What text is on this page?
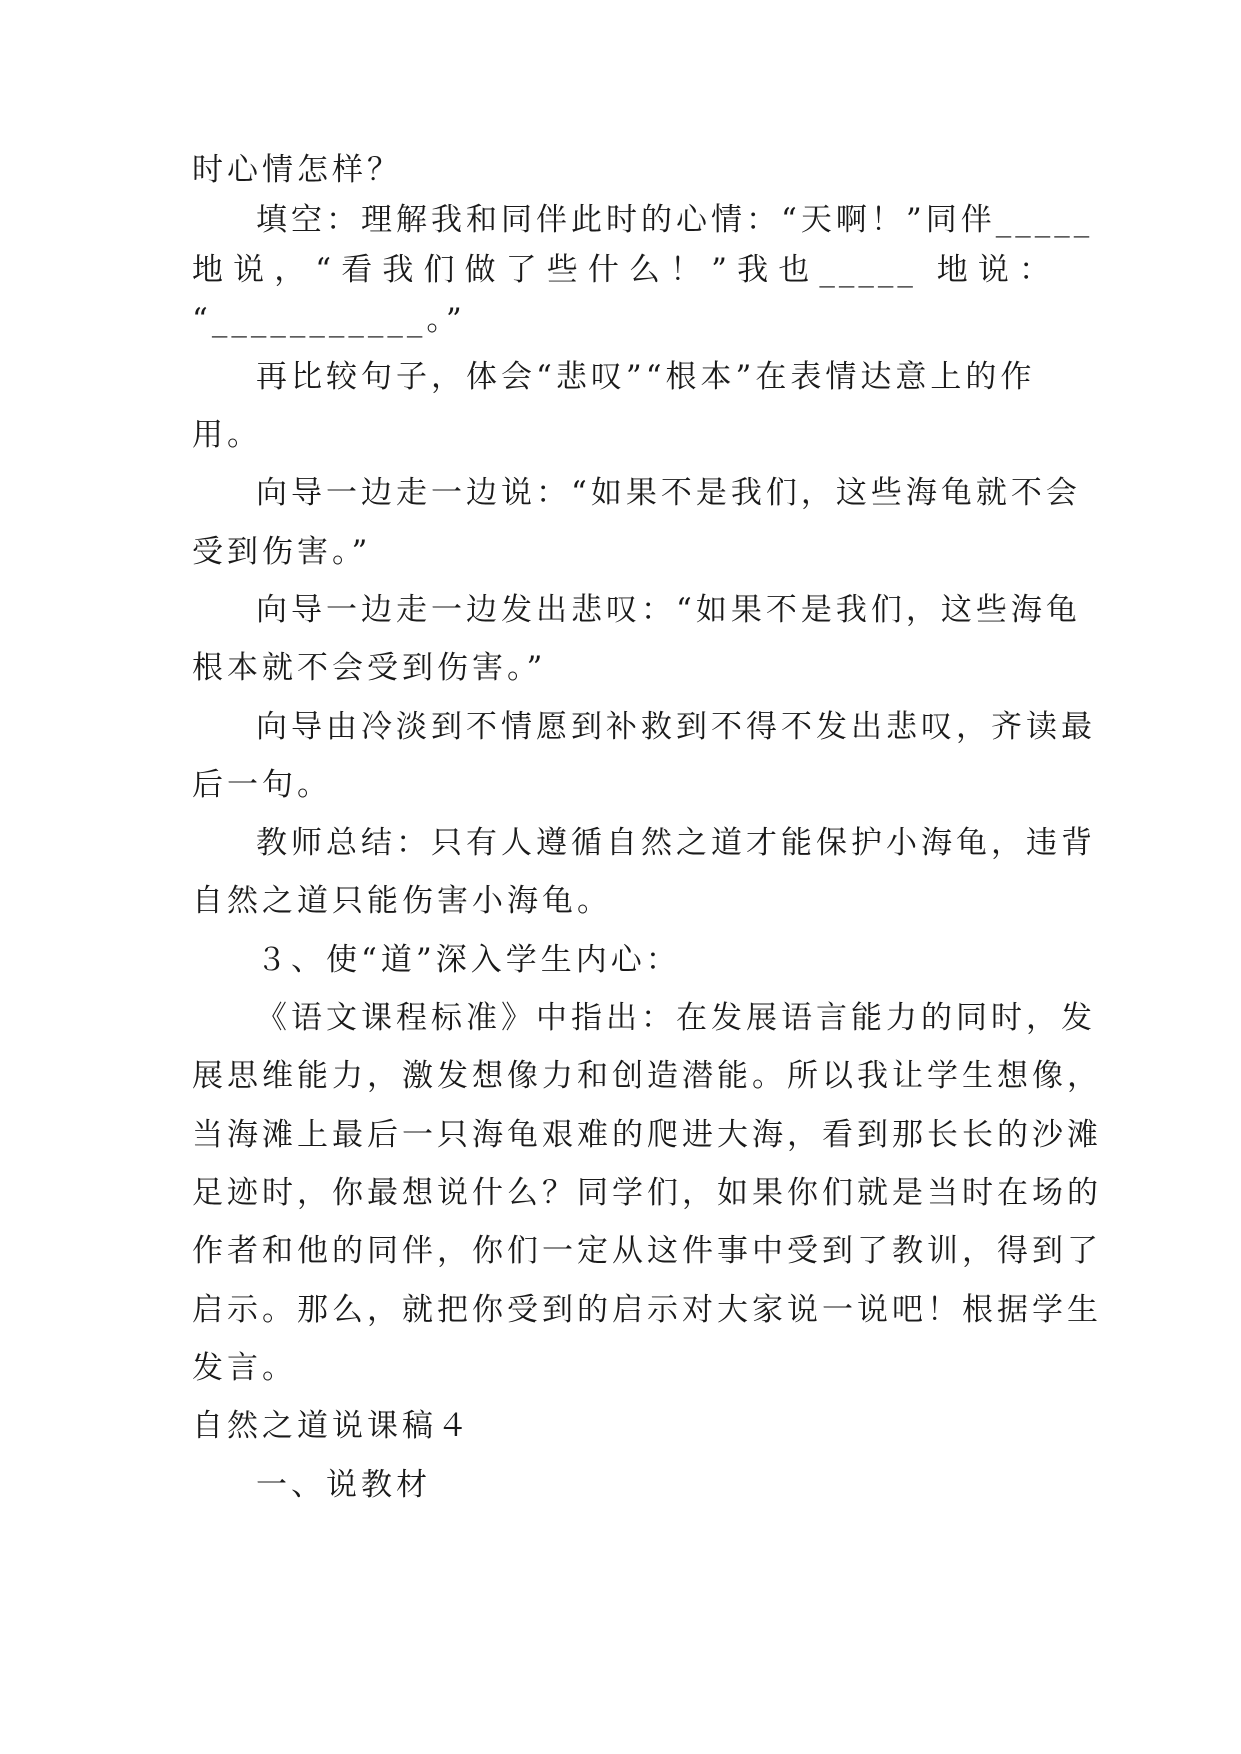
时心情怎样？
填空：理解我和同伴此时的心情：“天啊！”同伴_____
地说，“看我们做了些什么！”我也_____ 地说：
“___________。”
再比较句子，体会“悲叹”“根本”在表情达意上的作
用。
向导一边走一边说：“如果不是我们，这些海龟就不会
受到伤害。”
向导一边走一边发出悲叹：“如果不是我们，这些海龟
根本就不会受到伤害。”
向导由冷淡到不情愿到补救到不得不发出悲叹，齐读最
后一句。
教师总结：只有人遵循自然之道才能保护小海龟，违背
自然之道只能伤害小海龟。
３、使“道”深入学生内心：
《语文课程标准》中指出：在发展语言能力的同时，发
展思维能力，激发想像力和创造潜能。所以我让学生想像，
当海滩上最后一只海龟艰难的爬进大海，看到那长长的沙滩
足迹时，你最想说什么？同学们，如果你们就是当时在场的
作者和他的同伴，你们一定从这件事中受到了教训，得到了
启示。那么，就把你受到的启示对大家说一说吧！根据学生
发言。
自然之道说课稿４
一、说教材
